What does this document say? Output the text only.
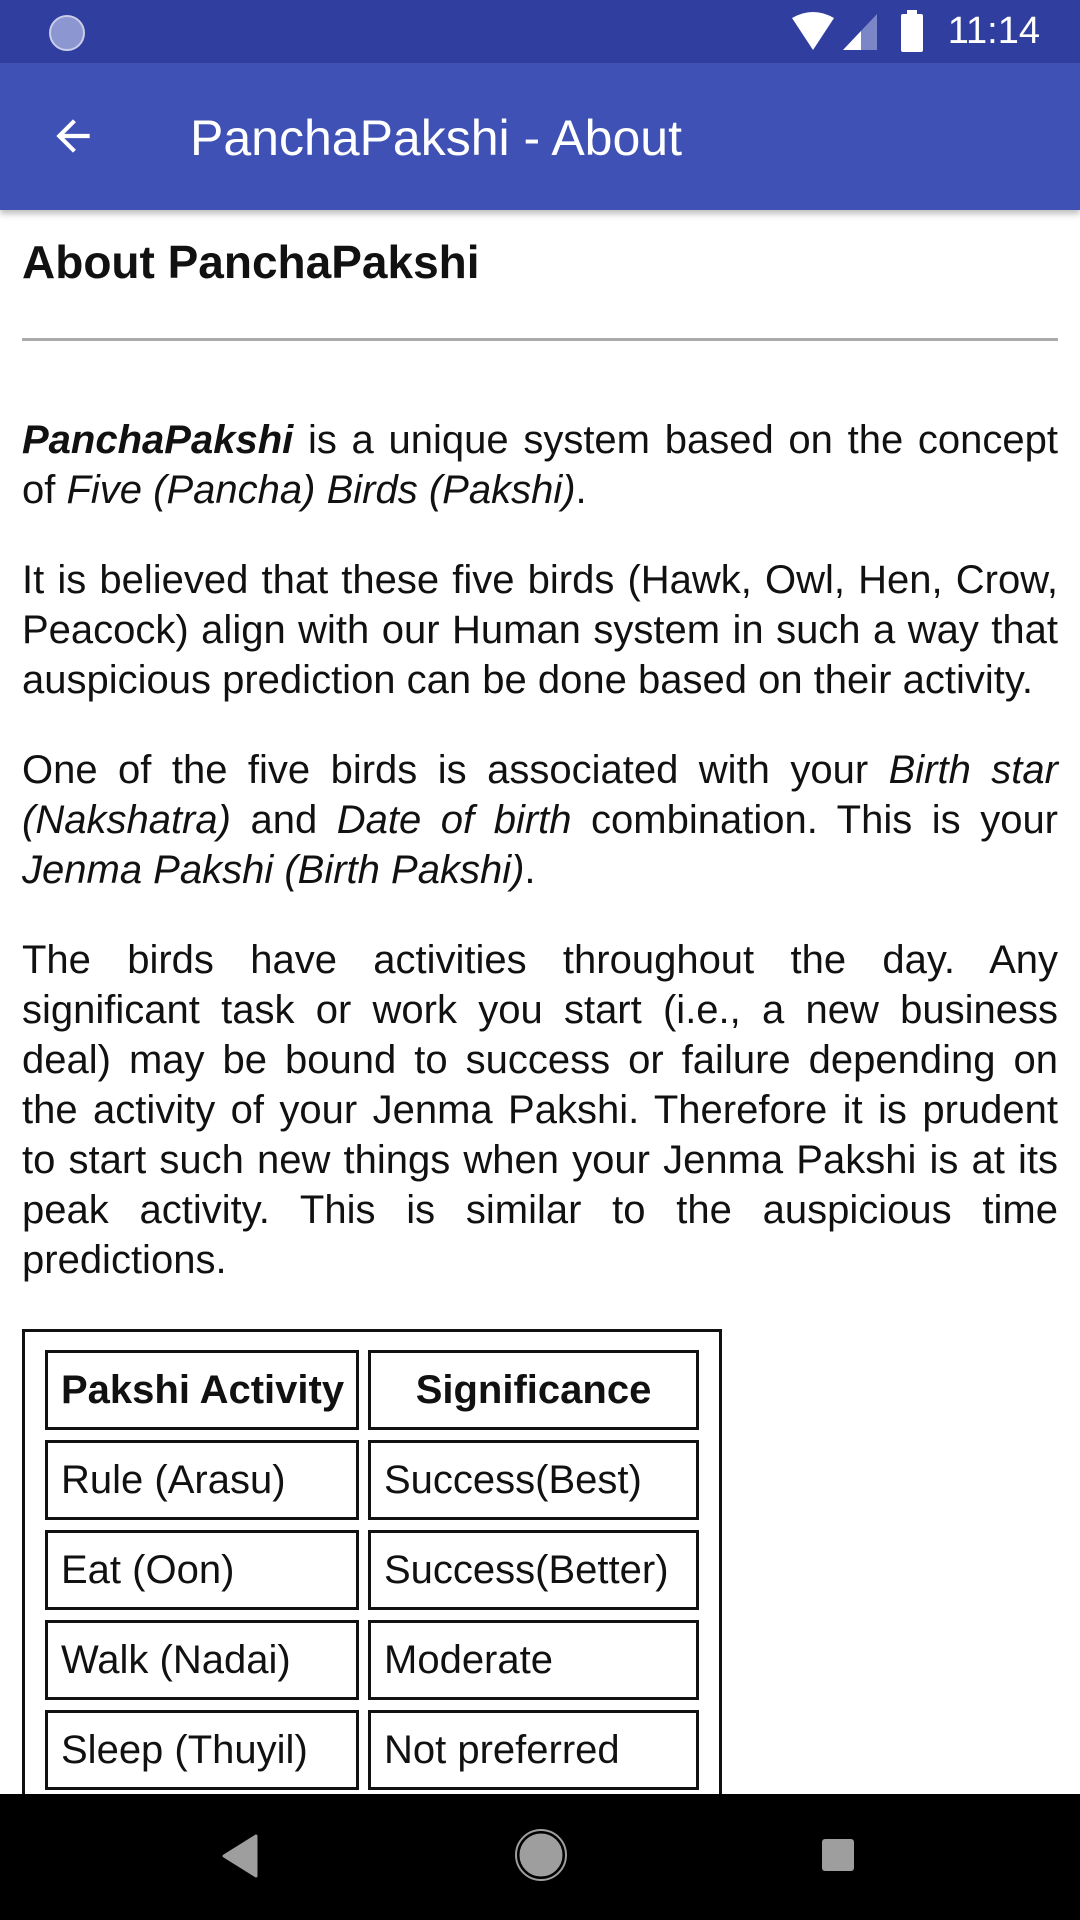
11:14
PanchaPakshi - About
About PanchaPakshi

PanchaPakshi is a unique system based on the concept of Five (Pancha) Birds (Pakshi).

It is believed that these five birds (Hawk, Owl, Hen, Crow, Peacock) align with our Human system in such a way that auspicious prediction can be done based on their activity.

One of the five birds is associated with your Birth star (Nakshatra) and Date of birth combination. This is your Jenma Pakshi (Birth Pakshi).

The birds have activities throughout the day. Any significant task or work you start (i.e., a new business deal) may be bound to success or failure depending on the activity of your Jenma Pakshi. Therefore it is prudent to start such new things when your Jenma Pakshi is at its peak activity. This is similar to the auspicious time predictions.

Pakshi Activity	Significance
Rule (Arasu)	Success(Best)
Eat (Oon)	Success(Better)
Walk (Nadai)	Moderate
Sleep (Thuyil)	Not preferred
